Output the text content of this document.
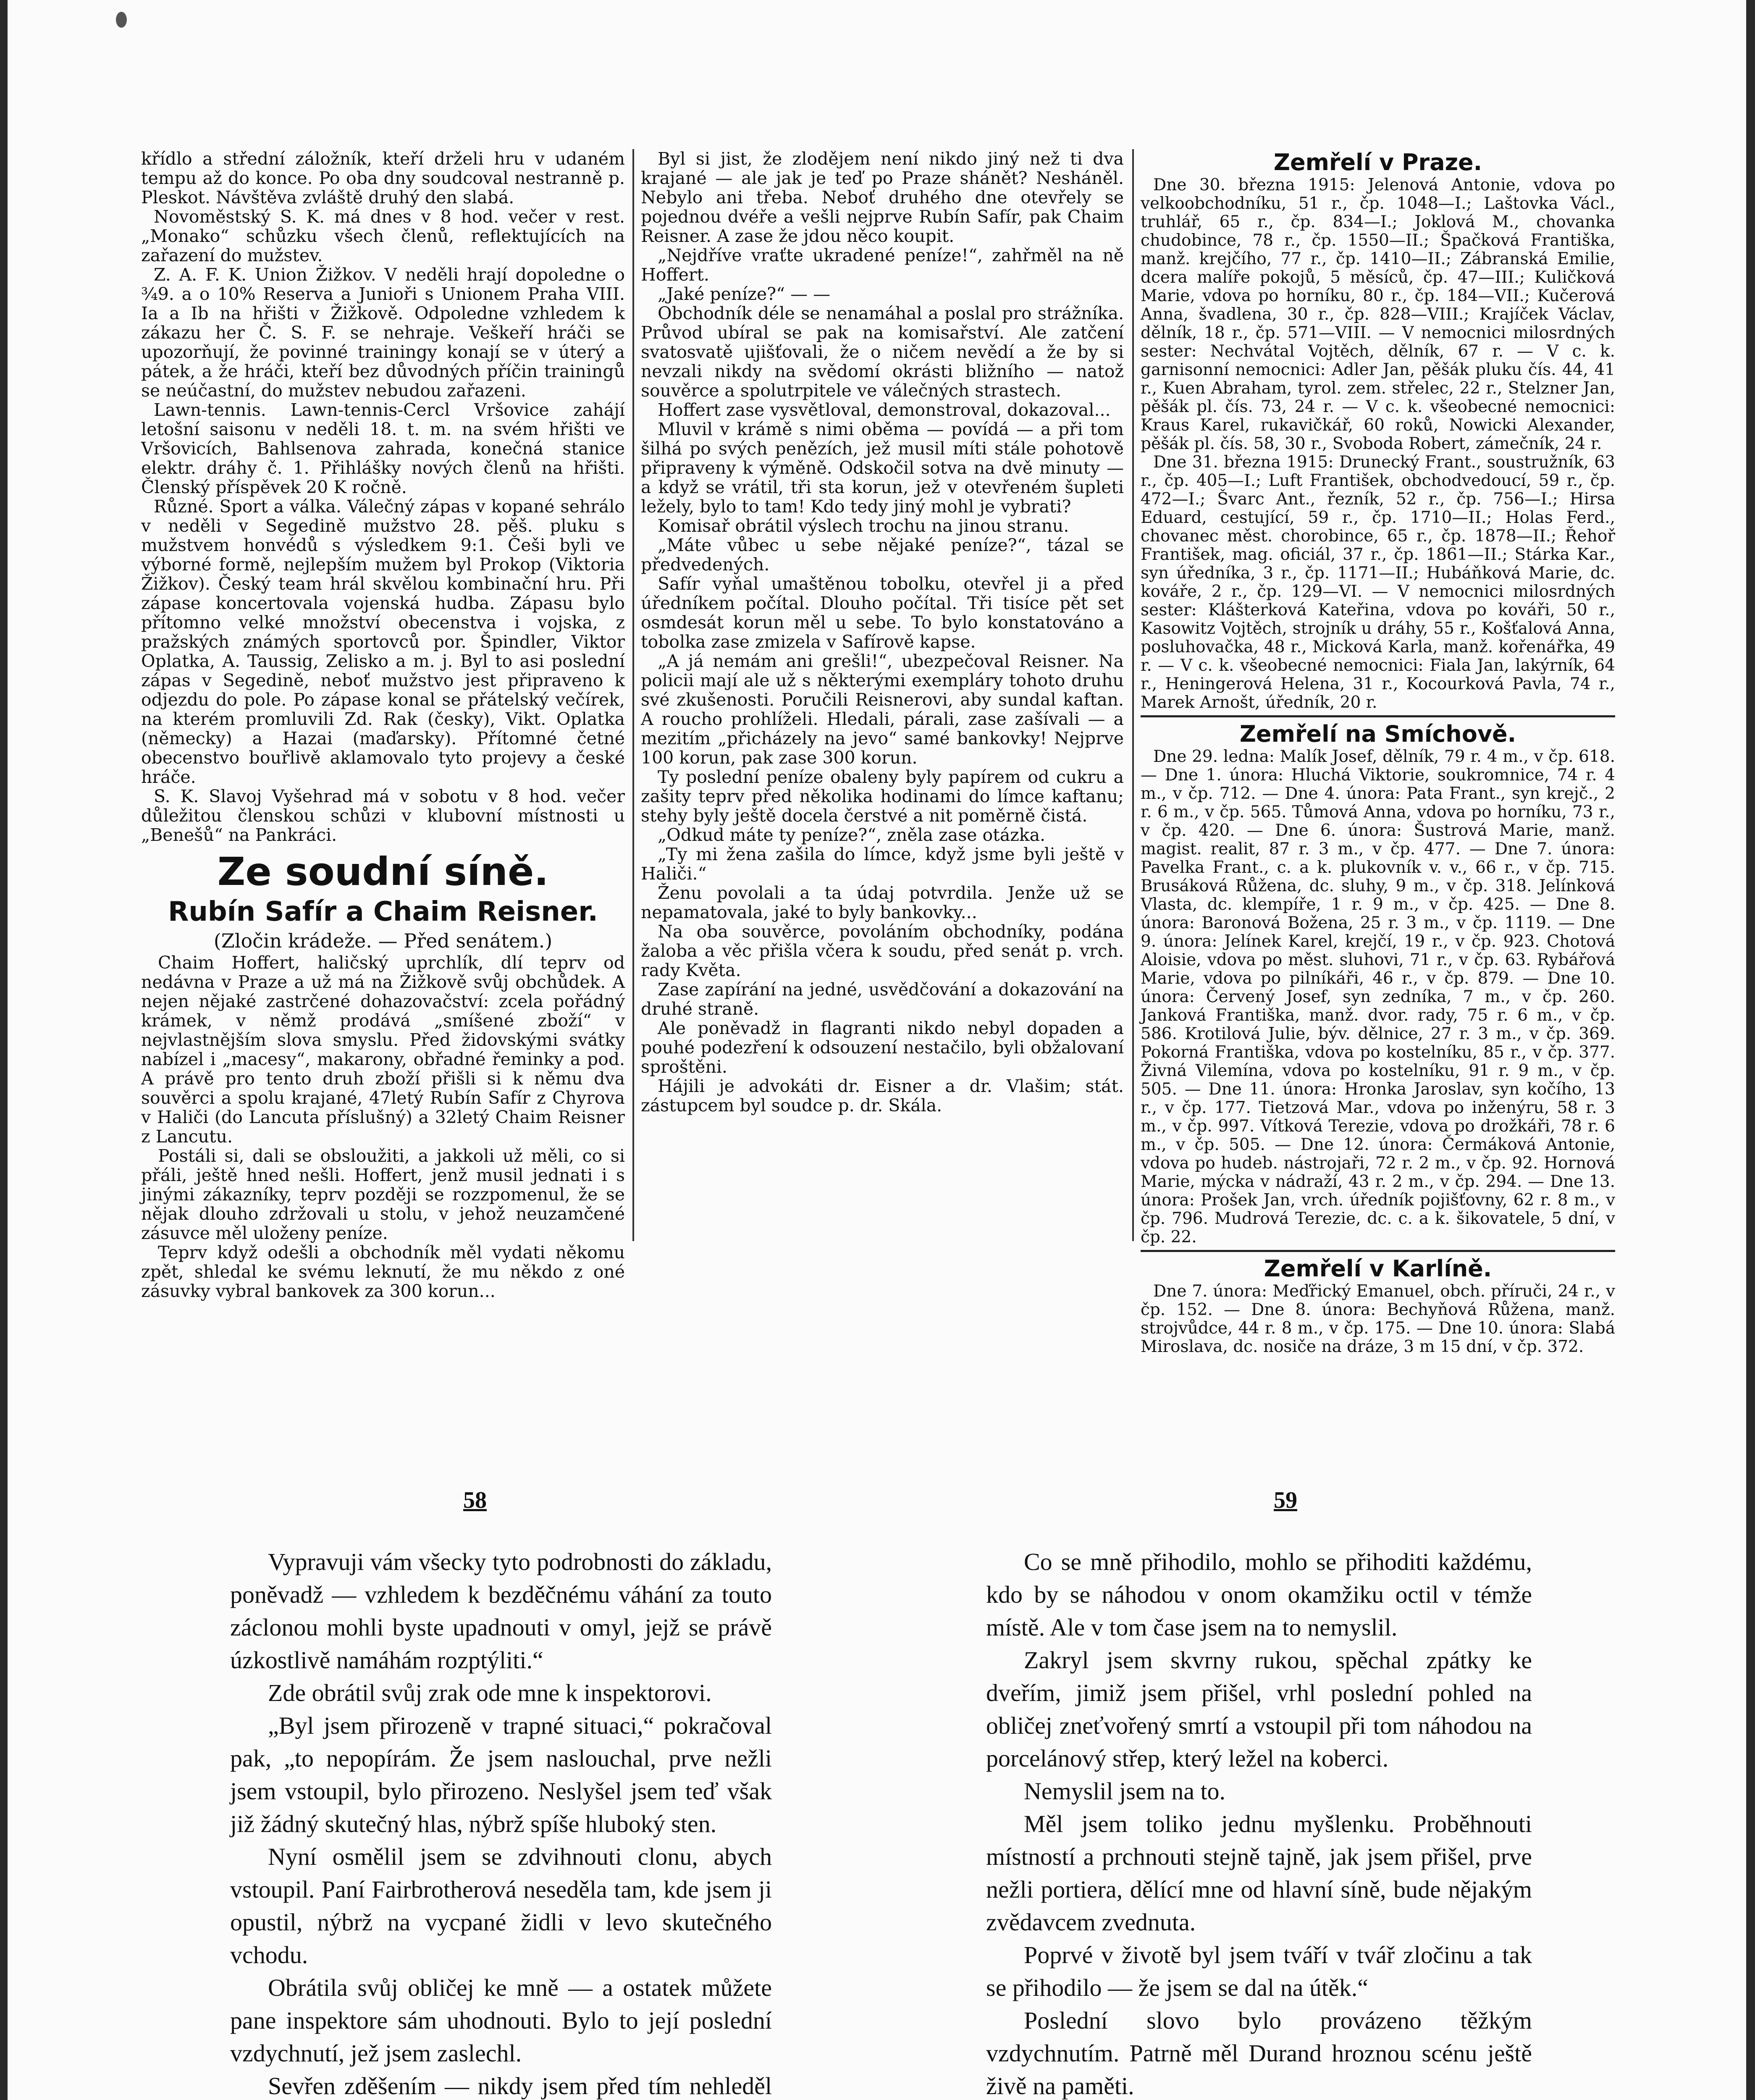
křídlo a střední záložník, kteří drželi hru v udaném tempu až do konce. Po oba dny soudcoval nestranně p. Pleskot. Návštěva zvláště druhý den slabá.

Novoměstský S. K. má dnes v 8 hod. večer v rest. „Monako“ schůzku všech členů, reflektujících na zařazení do mužstev.

Z. A. F. K. Union Žižkov. V neděli hrají dopoledne o ¾9. a o 10% Reserva a Junioři s Unionem Praha VIII. Ia a Ib na hřišti v Žižkově. Odpoledne vzhledem k zákazu her Č. S. F. se nehraje. Veškeří hráči se upozorňují, že povinné trainingy konají se v úterý a pátek, a že hráči, kteří bez důvodných příčin trainingů se neúčastní, do mužstev nebudou zařazeni.

Lawn-tennis. Lawn-tennis-Cercl Vršovice zahájí letošní saisonu v neděli 18. t. m. na svém hřišti ve Vršovicích, Bahlsenova zahrada, konečná stanice elektr. dráhy č. 1. Přihlášky nových členů na hřišti. Členský příspěvek 20 K ročně.

Různé. Sport a válka. Válečný zápas v kopané sehrálo v neděli v Segedině mužstvo 28. pěš. pluku s mužstvem honvédů s výsledkem 9:1. Češi byli ve výborné formě, nejlepším mužem byl Prokop (Viktoria Žižkov). Český team hrál skvělou kombinační hru. Při zápase koncertovala vojenská hudba. Zápasu bylo přítomno velké množství obecenstva i vojska, z pražských známých sportovců por. Špindler, Viktor Oplatka, A. Taussig, Zelisko a m. j. Byl to asi poslední zápas v Segedině, neboť mužstvo jest připraveno k odjezdu do pole. Po zápase konal se přátelský večírek, na kterém promluvili Zd. Rak (česky), Vikt. Oplatka (německy) a Hazai (maďarsky). Přítomné četné obecenstvo bouřlivě aklamovalo tyto projevy a české hráče.

S. K. Slavoj Vyšehrad má v sobotu v 8 hod. večer důležitou členskou schůzi v klubovní místnosti u „Benešů“ na Pankráci.

Ze soudní síně.
Rubín Safír a Chaim Reisner.

(Zločin krádeže. — Před senátem.)

Chaim Hoffert, haličský uprchlík, dlí teprv od nedávna v Praze a už má na Žižkově svůj obchůdek. A nejen nějaké zastrčené dohazovačství: zcela pořádný krámek, v němž prodává „smíšené zboží“ v nejvlastnějším slova smyslu. Před židovskými svátky nabízel i „macesy“, makarony, obřadné řeminky a pod. A právě pro tento druh zboží přišli si k němu dva souvěrci a spolu krajané, 47letý Rubín Safír z Chyrova v Haliči (do Lancuta příslušný) a 32letý Chaim Reisner z Lancutu.

Postáli si, dali se obsloužiti, a jakkoli už měli, co si přáli, ještě hned nešli. Hoffert, jenž musil jednati i s jinými zákazníky, teprv později se rozzpomenul, že se nějak dlouho zdržovali u stolu, v jehož neuzamčené zásuvce měl uloženy peníze.

Teprv když odešli a obchodník měl vydati někomu zpět, shledal ke svému leknutí, že mu někdo z oné zásuvky vybral bankovek za 300 korun...

Byl si jist, že zlodějem není nikdo jiný než ti dva krajané — ale jak je teď po Praze shánět? Nesháněl. Nebylo ani třeba. Neboť druhého dne otevřely se pojednou dvéře a vešli nejprve Rubín Safír, pak Chaim Reisner. A zase že jdou něco koupit.

„Nejdříve vraťte ukradené peníze!“, zahřměl na ně Hoffert.

„Jaké peníze?“ — —

Obchodník déle se nenamáhal a poslal pro strážníka. Průvod ubíral se pak na komisařství. Ale zatčení svatosvatě ujišťovali, že o ničem nevědí a že by si nevzali nikdy na svědomí okrásti bližního — natož souvěrce a spolutrpitele ve válečných strastech.

Hoffert zase vysvětloval, demonstroval, dokazoval...

Mluvil v krámě s nimi oběma — povídá — a při tom šilhá po svých penězích, jež musil míti stále pohotově připraveny k výměně. Odskočil sotva na dvě minuty — a když se vrátil, tři sta korun, jež v otevřeném šupleti ležely, bylo to tam! Kdo tedy jiný mohl je vybrati?

Komisař obrátil výslech trochu na jinou stranu.

„Máte vůbec u sebe nějaké peníze?“, tázal se předvedených.

Safír vyňal umaštěnou tobolku, otevřel ji a před úředníkem počítal. Dlouho počítal. Tři tisíce pět set osmdesát korun měl u sebe. To bylo konstatováno a tobolka zase zmizela v Safírově kapse.

„A já nemám ani grešli!“, ubezpečoval Reisner. Na policii mají ale už s některými exempláry tohoto druhu své zkušenosti. Poručili Reisnerovi, aby sundal kaftan. A roucho prohlíželi. Hledali, párali, zase zašívali — a mezitím „přicházely na jevo“ samé bankovky! Nejprve 100 korun, pak zase 300 korun.

Ty poslední peníze obaleny byly papírem od cukru a zašity teprv před několika hodinami do límce kaftanu; stehy byly ještě docela čerstvé a nit poměrně čistá.

„Odkud máte ty peníze?“, zněla zase otázka.

„Ty mi žena zašila do límce, když jsme byli ještě v Haliči.“

Ženu povolali a ta údaj potvrdila. Jenže už se nepamatovala, jaké to byly bankovky...

Na oba souvěrce, povoláním obchodníky, podána žaloba a věc přišla včera k soudu, před senát p. vrch. rady Květa.

Zase zapírání na jedné, usvědčování a dokazování na druhé straně.

Ale poněvadž in flagranti nikdo nebyl dopaden a pouhé podezření k odsouzení nestačilo, byli obžalovaní sproštěni.

Hájili je advokáti dr. Eisner a dr. Vlašim; stát. zástupcem byl soudce p. dr. Skála.

Zemřelí v Praze.

Dne 30. března 1915: Jelenová Antonie, vdova po velkoobchodníku, 51 r., čp. 1048—I.; Laštovka Václ., truhlář, 65 r., čp. 834—I.; Joklová M., chovanka chudobince, 78 r., čp. 1550—II.; Špačková Františka, manž. krejčího, 77 r., čp. 1410—II.; Zábranská Emilie, dcera malíře pokojů, 5 měsíců, čp. 47—III.; Kuličková Marie, vdova po horníku, 80 r., čp. 184—VII.; Kučerová Anna, švadlena, 30 r., čp. 828—VIII.; Krajíček Václav, dělník, 18 r., čp. 571—VIII. — V nemocnici milosrdných sester: Nechvátal Vojtěch, dělník, 67 r. — V c. k. garnisonní nemocnici: Adler Jan, pěšák pluku čís. 44, 41 r., Kuen Abraham, tyrol. zem. střelec, 22 r., Stelzner Jan, pěšák pl. čís. 73, 24 r. — V c. k. všeobecné nemocnici: Kraus Karel, rukavičkář, 60 roků, Nowicki Alexander, pěšák pl. čís. 58, 30 r., Svoboda Robert, zámečník, 24 r.

Dne 31. března 1915: Drunecký Frant., soustružník, 63 r., čp. 405—I.; Luft František, obchodvedoucí, 59 r., čp. 472—I.; Švarc Ant., řezník, 52 r., čp. 756—I.; Hirsa Eduard, cestující, 59 r., čp. 1710—II.; Holas Ferd., chovanec měst. chorobince, 65 r., čp. 1878—II.; Řehoř František, mag. oficiál, 37 r., čp. 1861—II.; Stárka Kar., syn úředníka, 3 r., čp. 1171—II.; Hubáňková Marie, dc. kováře, 2 r., čp. 129—VI. — V nemocnici milosrdných sester: Klášterková Kateřina, vdova po kováři, 50 r., Kasowitz Vojtěch, strojník u dráhy, 55 r., Košťalová Anna, posluhovačka, 48 r., Micková Karla, manž. kořenářka, 49 r. — V c. k. všeobecné nemocnici: Fiala Jan, lakýrník, 64 r., Heningerová Helena, 31 r., Kocourková Pavla, 74 r., Marek Arnošt, úředník, 20 r.

Zemřelí na Smíchově.

Dne 29. ledna: Malík Josef, dělník, 79 r. 4 m., v čp. 618. — Dne 1. února: Hluchá Viktorie, soukromnice, 74 r. 4 m., v čp. 712. — Dne 4. února: Pata Frant., syn krejč., 2 r. 6 m., v čp. 565. Tůmová Anna, vdova po horníku, 73 r., v čp. 420. — Dne 6. února: Šustrová Marie, manž. magist. realit, 87 r. 3 m., v čp. 477. — Dne 7. února: Pavelka Frant., c. a k. plukovník v. v., 66 r., v čp. 715. Brusáková Růžena, dc. sluhy, 9 m., v čp. 318. Jelínková Vlasta, dc. klempíře, 1 r. 9 m., v čp. 425. — Dne 8. února: Baronová Božena, 25 r. 3 m., v čp. 1119. — Dne 9. února: Jelínek Karel, krejčí, 19 r., v čp. 923. Chotová Aloisie, vdova po měst. sluhovi, 71 r., v čp. 63. Rybářová Marie, vdova po pilníkáři, 46 r., v čp. 879. — Dne 10. února: Červený Josef, syn zedníka, 7 m., v čp. 260. Janková Františka, manž. dvor. rady, 75 r. 6 m., v čp. 586. Krotilová Julie, býv. dělnice, 27 r. 3 m., v čp. 369. Pokorná Františka, vdova po kostelníku, 85 r., v čp. 377. Živná Vilemína, vdova po kostelníku, 91 r. 9 m., v čp. 505. — Dne 11. února: Hronka Jaroslav, syn kočího, 13 r., v čp. 177. Tietzová Mar., vdova po inženýru, 58 r. 3 m., v čp. 997. Vítková Terezie, vdova po drožkáři, 78 r. 6 m., v čp. 505. — Dne 12. února: Čermáková Antonie, vdova po hudeb. nástrojaři, 72 r. 2 m., v čp. 92. Hornová Marie, mýcka v nádraží, 43 r. 2 m., v čp. 294. — Dne 13. února: Prošek Jan, vrch. úředník pojišťovny, 62 r. 8 m., v čp. 796. Mudrová Terezie, dc. c. a k. šikovatele, 5 dní, v čp. 22.

Zemřelí v Karlíně.

Dne 7. února: Meďřický Emanuel, obch. příruči, 24 r., v čp. 152. — Dne 8. února: Bechyňová Růžena, manž. strojvůdce, 44 r. 8 m., v čp. 175. — Dne 10. února: Slabá Miroslava, dc. nosiče na dráze, 3 m 15 dní, v čp. 372.

58	59

Vypravuji vám všecky tyto podrobnosti do základu, poněvadž — vzhledem k bezděčnému váhání za touto záclonou mohli byste upadnouti v omyl, jejž se právě úzkostlivě namáhám rozptýliti.“

Zde obrátil svůj zrak ode mne k inspektorovi.

„Byl jsem přirozeně v trapné situaci,“ pokračoval pak, „to nepopírám. Že jsem naslouchal, prve nežli jsem vstoupil, bylo přirozeno. Neslyšel jsem teď však již žádný skutečný hlas, nýbrž spíše hluboký sten.

Nyní osmělil jsem se zdvihnouti clonu, abych vstoupil. Paní Fairbrotherová neseděla tam, kde jsem ji opustil, nýbrž na vycpané židli v levo skutečného vchodu.

Obrátila svůj obličej ke mně — a ostatek můžete pane inspektore sám uhodnouti. Bylo to její poslední vzdychnutí, jež jsem zaslechl.

Sevřen zděšením — nikdy jsem před tím nehleděl

Co se mně přihodilo, mohlo se přihoditi každému, kdo by se náhodou v onom okamžiku octil v témže místě. Ale v tom čase jsem na to nemyslil.

Zakryl jsem skvrny rukou, spěchal zpátky ke dveřím, jimiž jsem přišel, vrhl poslední pohled na obličej zneťvořený smrtí a vstoupil při tom náhodou na porcelánový střep, který ležel na koberci.

Nemyslil jsem na to.

Měl jsem toliko jednu myšlenku. Proběhnouti místností a prchnouti stejně tajně, jak jsem přišel, prve nežli portiera, dělící mne od hlavní síně, bude nějakým zvědavcem zvednuta.

Poprvé v životě byl jsem tváří v tvář zločinu a tak se přihodilo — že jsem se dal na útěk.“

Poslední slovo bylo provázeno těžkým vzdychnutím. Patrně měl Durand hroznou scénu ještě živě na paměti.
